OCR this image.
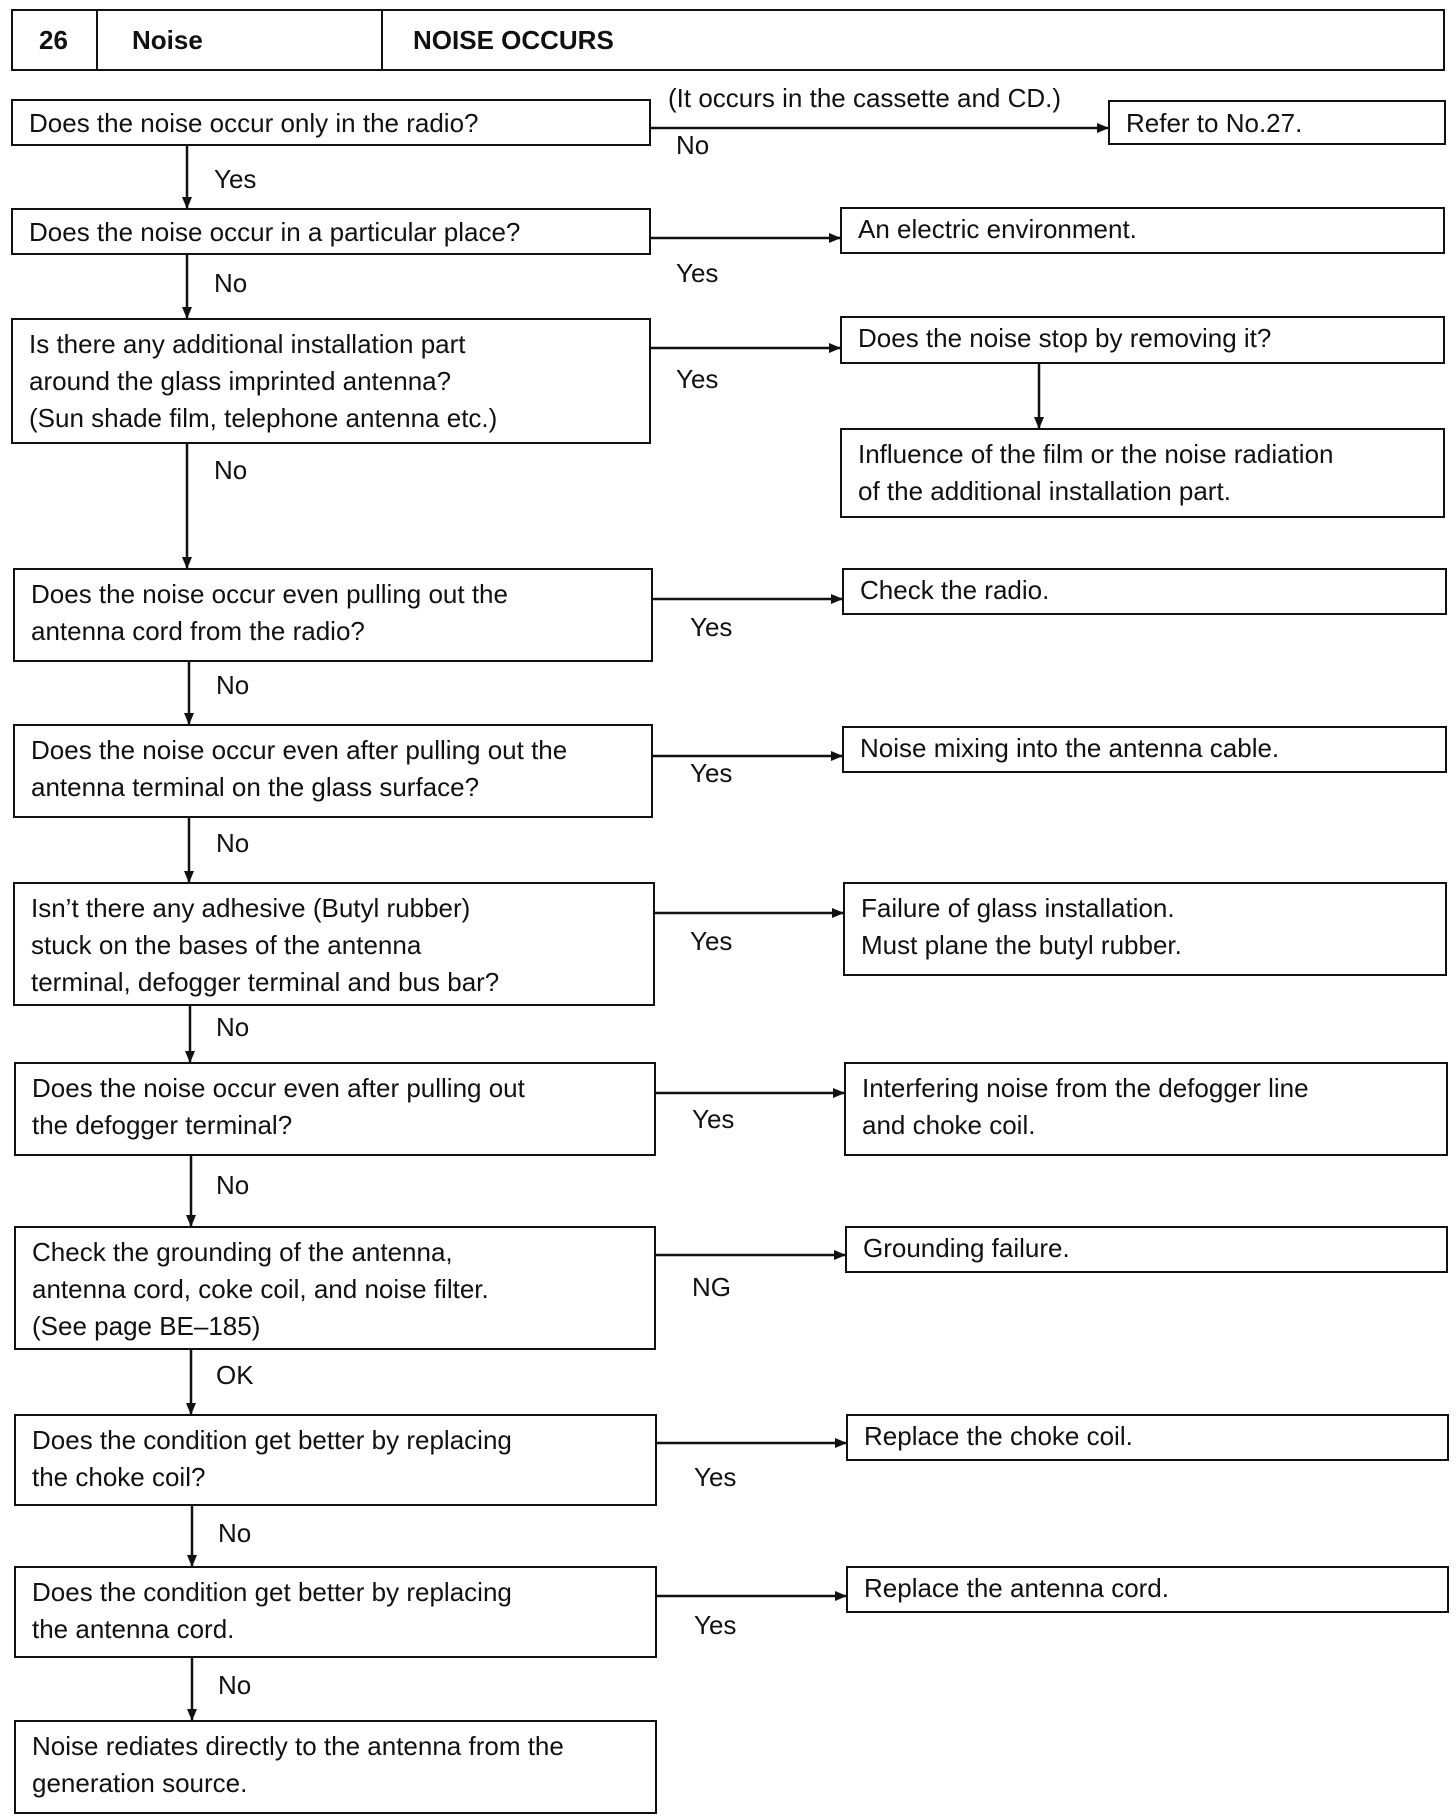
26 Noise	NOISE OCCURS
Does the noise occur only in the radio?
Does the noise occur in a particular place?
Is there any additional installation part
around the glass imprinted antenna?
(Sun shade film, telephone antenna etc.)
Does the noise occur even pulling out the
antenna cord from the radio?
Does the noise occur even after pulling out the
antenna terminal on the glass surface?
Isn’t there any adhesive (Butyl rubber)
stuck on the bases of the antenna
terminal, defogger terminal and bus bar?
Does the noise occur even after pulling out
the defogger terminal?
Check the grounding of the antenna,
antenna cord, coke coil, and noise filter.
(See page BE–185)
Does the condition get better by replacing
the choke coil?
Does the condition get better by replacing
the antenna cord.
Noise rediates directly to the antenna from the
generation source.
Refer to No.27.
An electric environment.
Does the noise stop by removing it?
Influence of the film or the noise radiation
of the additional installation part.
Check the radio.
Noise mixing into the antenna cable.
Failure of glass installation.
Must plane the butyl rubber.
Interfering noise from the defogger line
and choke coil.
Grounding failure.
Replace the choke coil.
Replace the antenna cord.
(It occurs in the cassette and CD.)
No
Yes
No	Yes
Yes
No
Yes
No
Yes
No
Yes
No
Yes
No
NG
OK
Yes
No
Yes
No
